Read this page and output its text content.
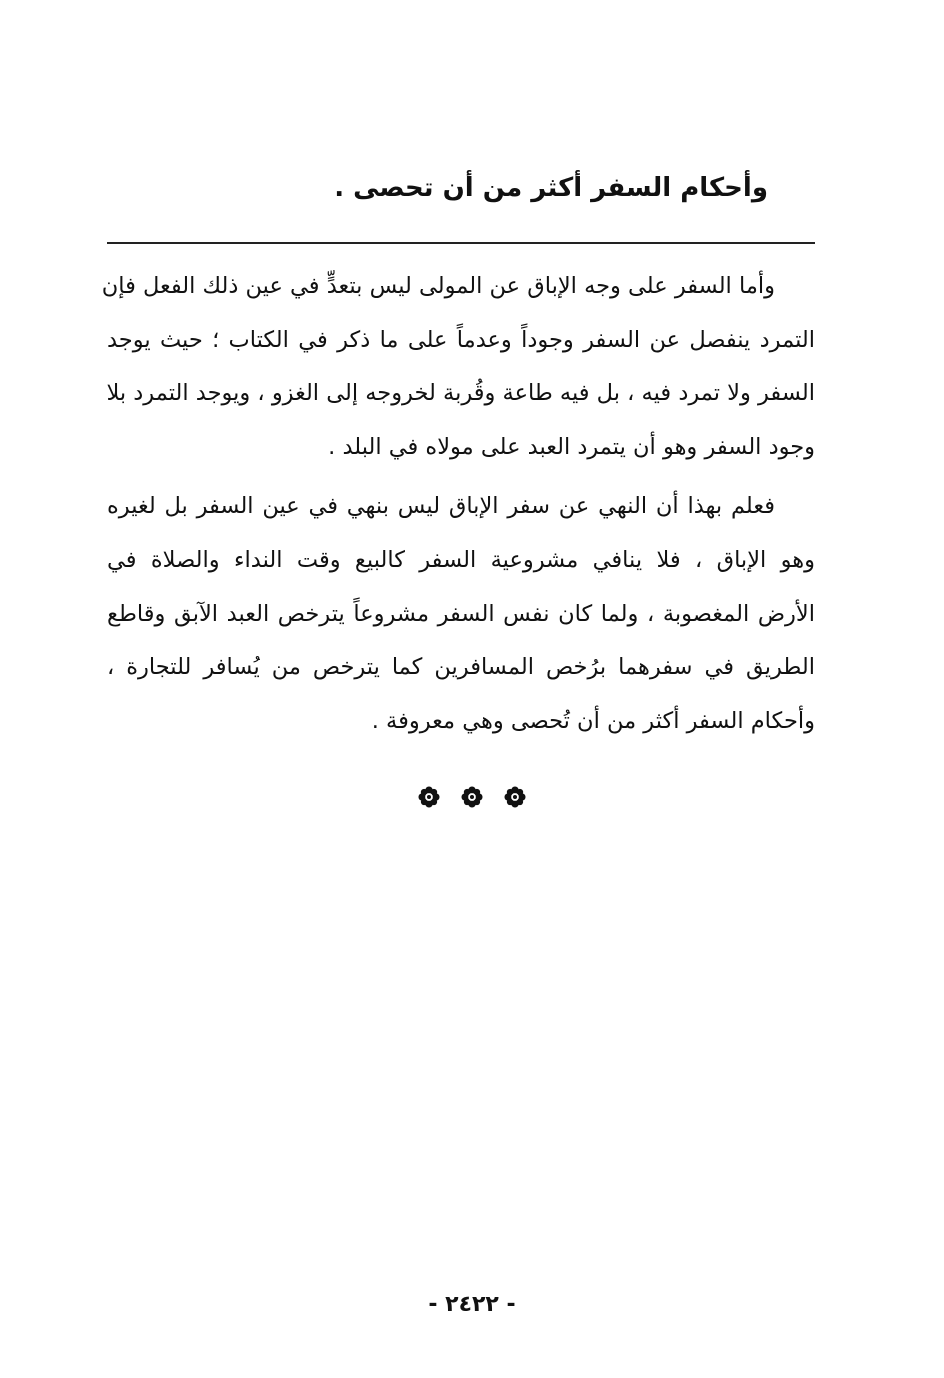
وأحكام السفر أكثر من أن تحصى .

وأما السفر على وجه الإباق عن المولى ليس بتعدٍّ في عين ذلك الفعل فإن
التمرد ينفصل عن السفر وجوداً وعدماً على ما ذكر في الكتاب ؛ حيث يوجد
السفر ولا تمرد فيه ، بل فيه طاعة وقُربة لخروجه إلى الغزو ، ويوجد التمرد بلا
وجود السفر وهو أن يتمرد العبد على مولاه في البلد .

فعلم بهذا أن النهي عن سفر الإباق ليس بنهي في عين السفر بل لغيره
وهو الإباق ، فلا ينافي مشروعية السفر كالبيع وقت النداء والصلاة في
الأرض المغصوبة ، ولما كان نفس السفر مشروعاً يترخص العبد الآبق وقاطع
الطريق في سفرهما برُخص المسافرين كما يترخص من يُسافر للتجارة ،
وأحكام السفر أكثر من أن تُحصى وهي معروفة .

- ٢٤٢٢ -
